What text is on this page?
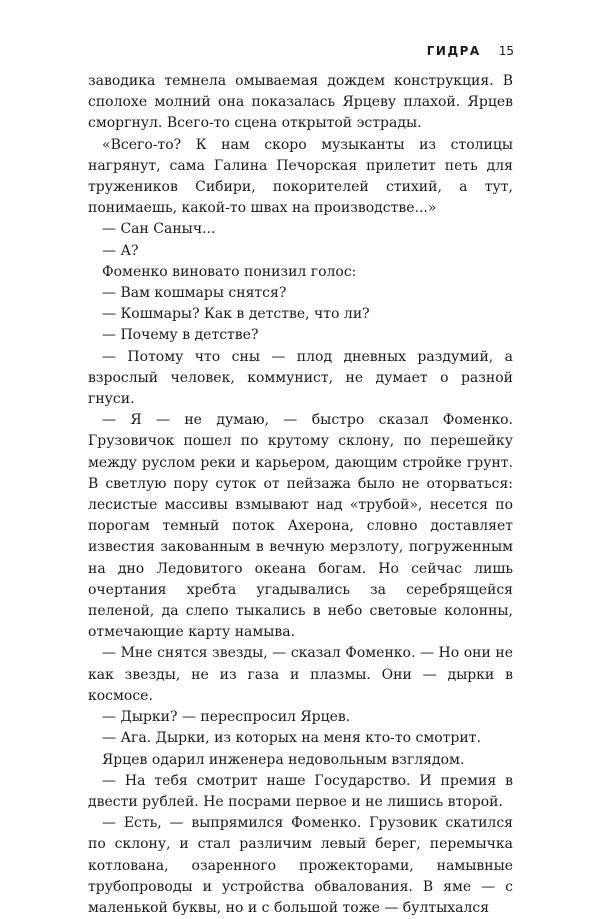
ГИДРА 15

заводика темнела омываемая дождем конструкция. В сполохе молний она показалась Ярцеву плахой. Ярцев сморгнул. Всего-то сцена открытой эстрады.

«Всего-то? К нам скоро музыканты из столицы нагрянут, сама Галина Печорская прилетит петь для тружеников Сибири, покорителей стихий, а тут, понимаешь, какой-то швах на производстве...»

— Сан Саныч...

— А?

Фоменко виновато понизил голос:

— Вам кошмары снятся?

— Кошмары? Как в детстве, что ли?

— Почему в детстве?

— Потому что сны — плод дневных раздумий, а взрослый человек, коммунист, не думает о разной гнуси.

— Я — не думаю, — быстро сказал Фоменко. Грузовичок пошел по крутому склону, по перешейку между руслом реки и карьером, дающим стройке грунт. В светлую пору суток от пейзажа было не оторваться: лесистые массивы взмывают над «трубой», несется по порогам темный поток Ахерона, словно доставляет известия закованным в вечную мерзлоту, погруженным на дно Ледовитого океана богам. Но сейчас лишь очертания хребта угадывались за серебрящейся пеленой, да слепо тыкались в небо световые колонны, отмечающие карту намыва.

— Мне снятся звезды, — сказал Фоменко. — Но они не как звезды, не из газа и плазмы. Они — дырки в космосе.

— Дырки? — переспросил Ярцев.

— Ага. Дырки, из которых на меня кто-то смотрит.

Ярцев одарил инженера недовольным взглядом.

— На тебя смотрит наше Государство. И премия в двести рублей. Не посрами первое и не лишись второй.

— Есть, — выпрямился Фоменко. Грузовик скатился по склону, и стал различим левый берег, перемычка котлована, озаренного прожекторами, намывные трубопроводы и устройства обвалования. В яме — с маленькой буквы, но и с большой тоже — бултыхался
